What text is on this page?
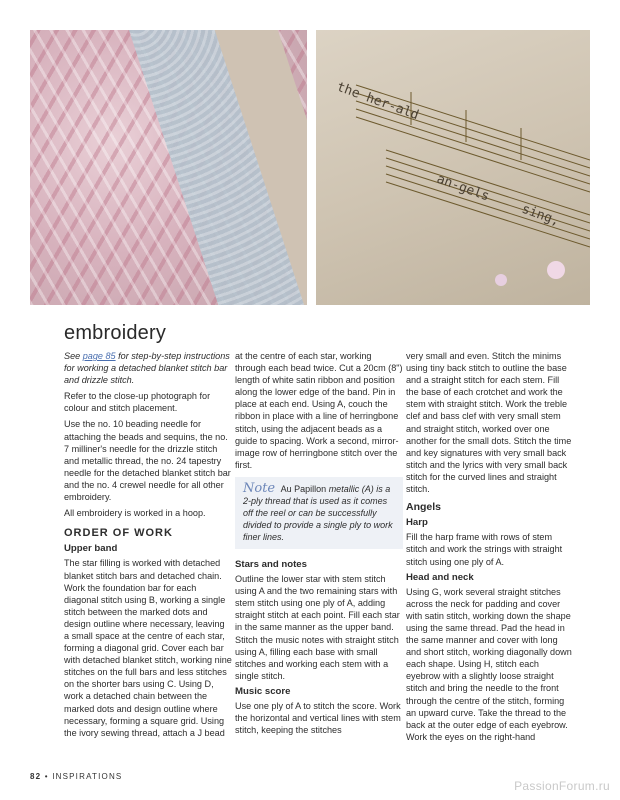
the her-ald
an-gels
sing,
embroidery

See page 85 for step-by-step instructions for working a detached blanket stitch bar and drizzle stitch.

Refer to the close-up photograph for colour and stitch placement.

Use the no. 10 beading needle for attaching the beads and sequins, the no. 7 milliner's needle for the drizzle stitch and metallic thread, the no. 24 tapestry needle for the detached blanket stitch bar and the no. 4 crewel needle for all other embroidery.

All embroidery is worked in a hoop.

ORDER OF WORK
Upper band

The star filling is worked with detached blanket stitch bars and detached chain. Work the foundation bar for each diagonal stitch using B, working a single stitch between the marked dots and design outline where necessary, leaving a small space at the centre of each star, forming a diagonal grid. Cover each bar with detached blanket stitch, working nine stitches on the full bars and less stitches on the shorter bars using C. Using D, work a detached chain between the marked dots and design outline where necessary, forming a square grid. Using the ivory sewing thread, attach a J bead

at the centre of each star, working through each bead twice. Cut a 20cm (8") length of white satin ribbon and position along the lower edge of the band. Pin in place at each end. Using A, couch the ribbon in place with a line of herringbone stitch, using the adjacent beads as a guide to spacing. Work a second, mirror-image row of herringbone stitch over the first.

Note Au Papillon metallic (A) is a 2-ply thread that is used as it comes off the reel or can be successfully divided to provide a single ply to work finer lines.
Stars and notes

Outline the lower star with stem stitch using A and the two remaining stars with stem stitch using one ply of A, adding straight stitch at each point. Fill each star in the same manner as the upper band. Stitch the music notes with straight stitch using A, filling each base with small stitches and working each stem with a single stitch.

Music score

Use one ply of A to stitch the score. Work the horizontal and vertical lines with stem stitch, keeping the stitches

very small and even. Stitch the minims using tiny back stitch to outline the base and a straight stitch for each stem. Fill the base of each crotchet and work the stem with straight stitch. Work the treble clef and bass clef with very small stem and straight stitch, worked over one another for the small dots. Stitch the time and key signatures with very small back stitch and the lyrics with very small back stitch for the curved lines and straight stitch.

Angels
Harp

Fill the harp frame with rows of stem stitch and work the strings with straight stitch using one ply of A.

Head and neck

Using G, work several straight stitches across the neck for padding and cover with satin stitch, working down the shape using the same thread. Pad the head in the same manner and cover with long and short stitch, working diagonally down each shape. Using H, stitch each eyebrow with a slightly loose straight stitch and bring the needle to the front through the centre of the stitch, forming an upward curve. Take the thread to the back at the outer edge of each eyebrow. Work the eyes on the right-hand

82 • INSPIRATIONS
PassionForum.ru
